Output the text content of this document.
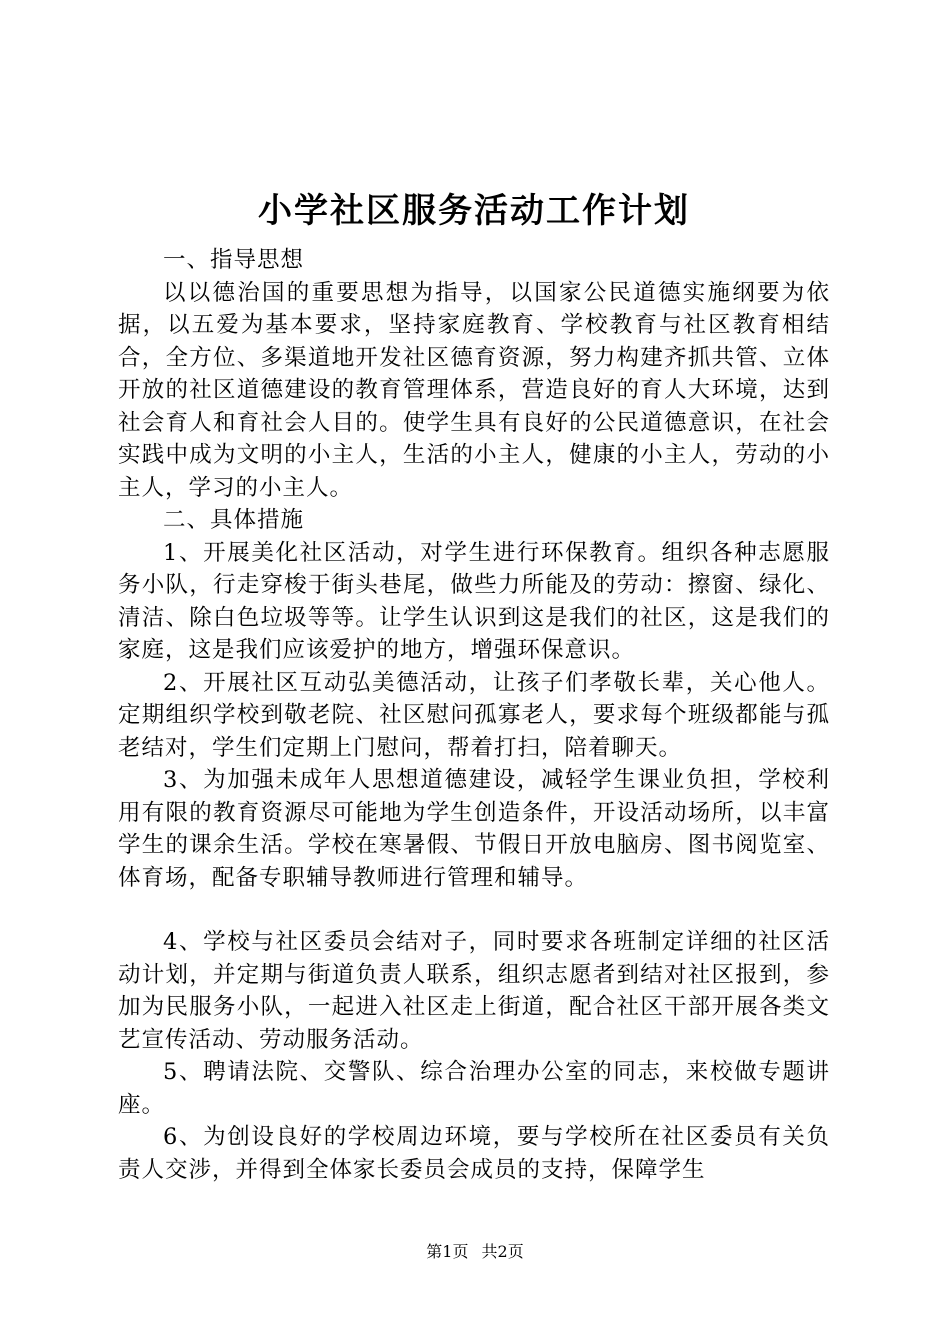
小学社区服务活动工作计划

一、指导思想

以以德治国的重要思想为指导，以国家公民道德实施纲要为依据，以五爱为基本要求，坚持家庭教育、学校教育与社区教育相结合，全方位、多渠道地开发社区德育资源，努力构建齐抓共管、立体开放的社区道德建设的教育管理体系，营造良好的育人大环境，达到社会育人和育社会人目的。使学生具有良好的公民道德意识，在社会实践中成为文明的小主人，生活的小主人，健康的小主人，劳动的小主人，学习的小主人。

二、具体措施

1、开展美化社区活动，对学生进行环保教育。组织各种志愿服务小队，行走穿梭于街头巷尾，做些力所能及的劳动：擦窗、绿化、清洁、除白色垃圾等等。让学生认识到这是我们的社区，这是我们的家庭，这是我们应该爱护的地方，增强环保意识。

2、开展社区互动弘美德活动，让孩子们孝敬长辈，关心他人。定期组织学校到敬老院、社区慰问孤寡老人，要求每个班级都能与孤老结对，学生们定期上门慰问，帮着打扫，陪着聊天。

3、为加强未成年人思想道德建设，减轻学生课业负担，学校利用有限的教育资源尽可能地为学生创造条件，开设活动场所，以丰富学生的课余生活。学校在寒暑假、节假日开放电脑房、图书阅览室、体育场，配备专职辅导教师进行管理和辅导。

4、学校与社区委员会结对子，同时要求各班制定详细的社区活动计划，并定期与街道负责人联系，组织志愿者到结对社区报到，参加为民服务小队，一起进入社区走上街道，配合社区干部开展各类文艺宣传活动、劳动服务活动。

5、聘请法院、交警队、综合治理办公室的同志，来校做专题讲座。

6、为创设良好的学校周边环境，要与学校所在社区委员有关负责人交涉，并得到全体家长委员会成员的支持，保障学生

第1页 共2页
